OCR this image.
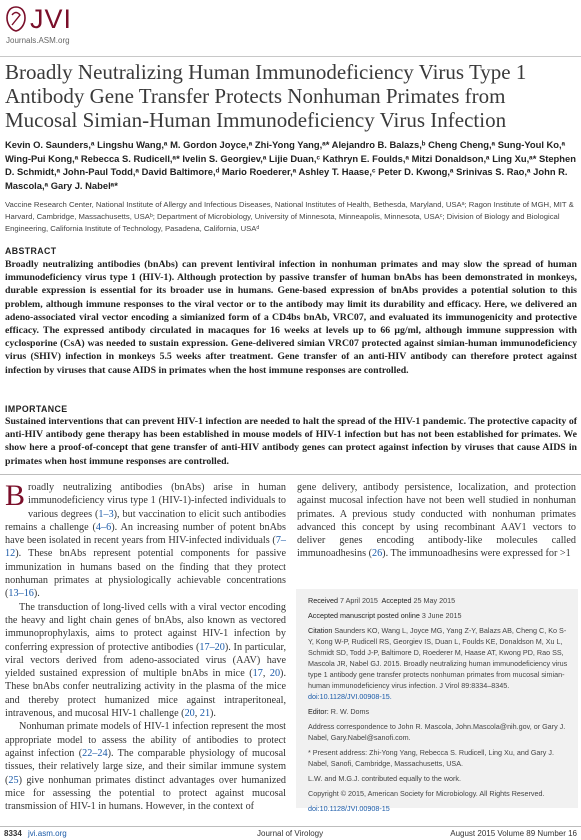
JVI
Journals.ASM.org
Broadly Neutralizing Human Immunodeficiency Virus Type 1 Antibody Gene Transfer Protects Nonhuman Primates from Mucosal Simian-Human Immunodeficiency Virus Infection
Kevin O. Saunders,ᵃ Lingshu Wang,ᵃ M. Gordon Joyce,ᵃ Zhi-Yong Yang,ᵃ* Alejandro B. Balazs,ᵇ Cheng Cheng,ᵃ Sung-Youl Ko,ᵃ Wing-Pui Kong,ᵃ Rebecca S. Rudicell,ᵃ* Ivelin S. Georgiev,ᵃ Lijie Duan,ᶜ Kathryn E. Foulds,ᵃ Mitzi Donaldson,ᵃ Ling Xu,ᵃ* Stephen D. Schmidt,ᵃ John-Paul Todd,ᵃ David Baltimore,ᵈ Mario Roederer,ᵃ Ashley T. Haase,ᶜ Peter D. Kwong,ᵃ Srinivas S. Rao,ᵃ John R. Mascola,ᵃ Gary J. Nabelᵃ*
Vaccine Research Center, National Institute of Allergy and Infectious Diseases, National Institutes of Health, Bethesda, Maryland, USAᵃ; Ragon Institute of MGH, MIT & Harvard, Cambridge, Massachusetts, USAᵇ; Department of Microbiology, University of Minnesota, Minneapolis, Minnesota, USAᶜ; Division of Biology and Biological Engineering, California Institute of Technology, Pasadena, California, USAᵈ
ABSTRACT
Broadly neutralizing antibodies (bnAbs) can prevent lentiviral infection in nonhuman primates and may slow the spread of human immunodeficiency virus type 1 (HIV-1). Although protection by passive transfer of human bnAbs has been demonstrated in monkeys, durable expression is essential for its broader use in humans. Gene-based expression of bnAbs provides a potential solution to this problem, although immune responses to the viral vector or to the antibody may limit its durability and efficacy. Here, we delivered an adeno-associated viral vector encoding a simianized form of a CD4bs bnAb, VRC07, and evaluated its immunogenicity and protective efficacy. The expressed antibody circulated in macaques for 16 weeks at levels up to 66 μg/ml, although immune suppression with cyclosporine (CsA) was needed to sustain expression. Gene-delivered simian VRC07 protected against simian-human immunodeficiency virus (SHIV) infection in monkeys 5.5 weeks after treatment. Gene transfer of an anti-HIV antibody can therefore protect against infection by viruses that cause AIDS in primates when the host immune responses are controlled.
IMPORTANCE
Sustained interventions that can prevent HIV-1 infection are needed to halt the spread of the HIV-1 pandemic. The protective capacity of anti-HIV antibody gene therapy has been established in mouse models of HIV-1 infection but has not been established for primates. We show here a proof-of-concept that gene transfer of anti-HIV antibody genes can protect against infection by viruses that cause AIDS in primates when host immune responses are controlled.

Broadly neutralizing antibodies (bnAbs) arise in human immunodeficiency virus type 1 (HIV-1)-infected individuals to various degrees (1–3), but vaccination to elicit such antibodies remains a challenge (4–6). An increasing number of potent bnAbs have been isolated in recent years from HIV-infected individuals (7–12). These bnAbs represent potential components for passive immunization in humans based on the finding that they protect nonhuman primates at physiologically achievable concentrations (13–16).

The transduction of long-lived cells with a viral vector encoding the heavy and light chain genes of bnAbs, also known as vectored immunoprophylaxis, aims to protect against HIV-1 infection by conferring expression of protective antibodies (17–20). In particular, viral vectors derived from adeno-associated virus (AAV) have yielded sustained expression of multiple bnAbs in mice (17, 20). These bnAbs confer neutralizing activity in the plasma of the mice and thereby protect humanized mice against intraperitoneal, intravenous, and mucosal HIV-1 challenge (20, 21).

Nonhuman primate models of HIV-1 infection represent the most appropriate model to assess the ability of antibodies to protect against infection (22–24). The comparable physiology of mucosal tissues, their relatively large size, and their similar immune system (25) give nonhuman primates distinct advantages over humanized mice for assessing the potential to protect against mucosal transmission of HIV-1 in humans. However, in the context of

gene delivery, antibody persistence, localization, and protection against mucosal infection have not been well studied in nonhuman primates. A previous study conducted with nonhuman primates advanced this concept by using recombinant AAV1 vectors to deliver genes encoding antibody-like molecules called immunoadhesins (26). The immunoadhesins were expressed for >1

Received 7 April 2015 Accepted 25 May 2015

Accepted manuscript posted online 3 June 2015

Citation Saunders KO, Wang L, Joyce MG, Yang Z-Y, Balazs AB, Cheng C, Ko S-Y, Kong W-P, Rudicell RS, Georgiev IS, Duan L, Foulds KE, Donaldson M, Xu L, Schmidt SD, Todd J-P, Baltimore D, Roederer M, Haase AT, Kwong PD, Rao SS, Mascola JR, Nabel GJ. 2015. Broadly neutralizing human immunodeficiency virus type 1 antibody gene transfer protects nonhuman primates from mucosal simian-human immunodeficiency virus infection. J Virol 89:8334–8345. doi:10.1128/JVI.00908-15.

Editor: R. W. Doms

Address correspondence to John R. Mascola, John.Mascola@nih.gov, or Gary J. Nabel, Gary.Nabel@sanofi.com.

* Present address: Zhi-Yong Yang, Rebecca S. Rudicell, Ling Xu, and Gary J. Nabel, Sanofi, Cambridge, Massachusetts, USA.

L.W. and M.G.J. contributed equally to the work.

Copyright © 2015, American Society for Microbiology. All Rights Reserved.

doi:10.1128/JVI.00908-15

8334 jvi.asm.org	Journal of Virology	August 2015 Volume 89 Number 16
